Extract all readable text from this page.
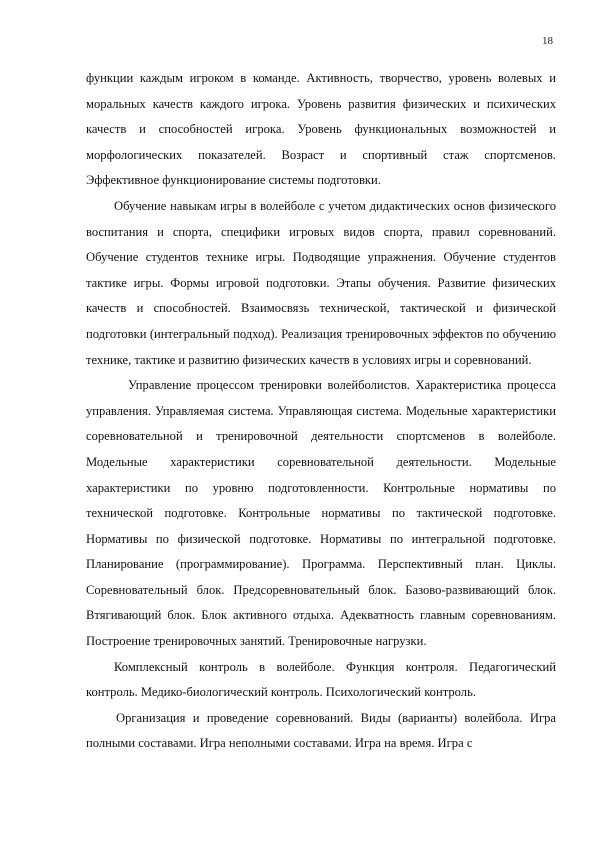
18

функции каждым игроком в команде. Активность, творчество, уровень волевых и моральных качеств каждого игрока. Уровень развития физических и психических качеств и способностей игрока. Уровень функциональных возможностей и морфологических показателей. Возраст и спортивный стаж спортсменов. Эффективное функционирование системы подготовки.

Обучение навыкам игры в волейболе с учетом дидактических основ физического воспитания и спорта, специфики игровых видов спорта, правил соревнований. Обучение студентов технике игры. Подводящие упражнения. Обучение студентов тактике игры. Формы игровой подготовки. Этапы обучения. Развитие физических качеств и способностей. Взаимосвязь технической, тактической и физической подготовки (интегральный подход). Реализация тренировочных эффектов по обучению технике, тактике и развитию физических качеств в условиях игры и соревнований.

Управление процессом тренировки волейболистов. Характеристика процесса управления. Управляемая система. Управляющая система. Модельные характеристики соревновательной и тренировочной деятельности спортсменов в волейболе. Модельные характеристики соревновательной деятельности. Модельные характеристики по уровню подготовленности. Контрольные нормативы по технической подготовке. Контрольные нормативы по тактической подготовке. Нормативы по физической подготовке. Нормативы по интегральной подготовке. Планирование (программирование). Программа. Перспективный план. Циклы. Соревновательный блок. Предсоревновательный блок. Базово-развивающий блок. Втягивающий блок. Блок активного отдыха. Адекватность главным соревнованиям. Построение тренировочных занятий. Тренировочные нагрузки.

Комплексный контроль в волейболе. Функция контроля. Педагогический контроль. Медико-биологический контроль. Психологический контроль.

Организация и проведение соревнований. Виды (варианты) волейбола. Игра полными составами. Игра неполными составами. Игра на время. Игра с
